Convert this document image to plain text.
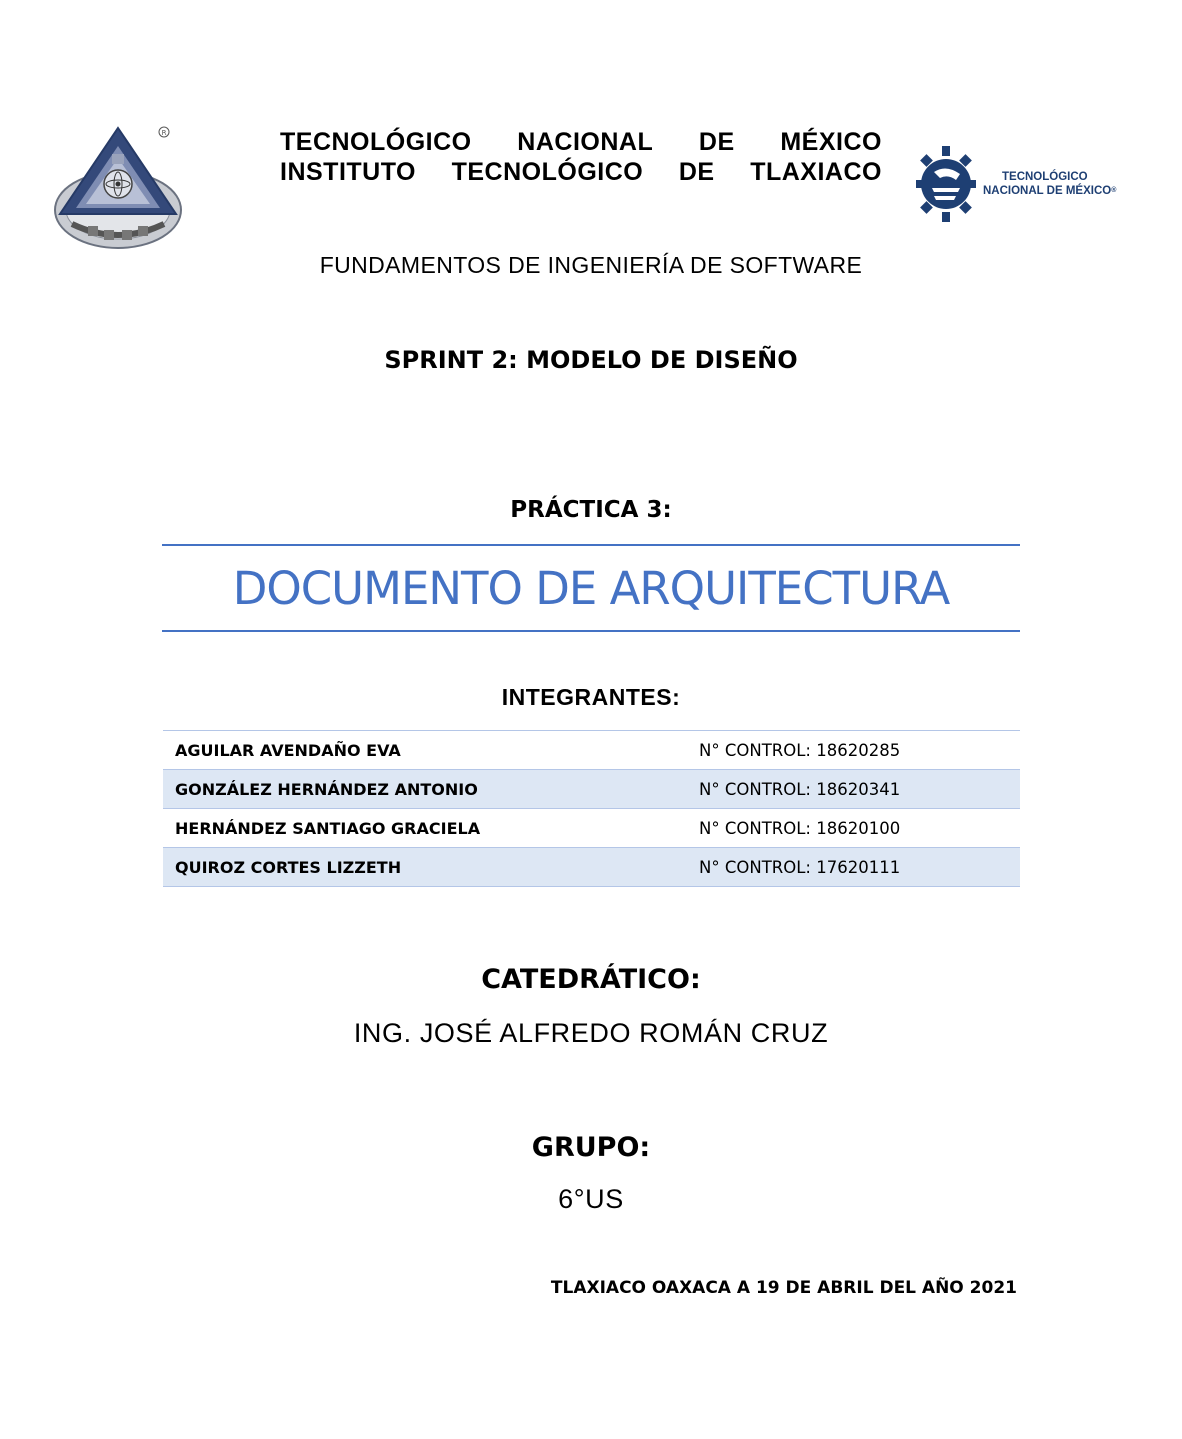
R
TECNOLÓGICO
NACIONAL DE MÉXICO®
TECNOLÓGICO NACIONAL DE MÉXICO
INSTITUTO TECNOLÓGICO DE TLAXIACO
FUNDAMENTOS DE INGENIERÍA DE SOFTWARE
SPRINT 2: MODELO DE DISEÑO
PRÁCTICA 3:
DOCUMENTO DE ARQUITECTURA
INTEGRANTES:
AGUILAR AVENDAÑO EVA	N° CONTROL: 18620285
GONZÁLEZ HERNÁNDEZ ANTONIO	N° CONTROL: 18620341
HERNÁNDEZ SANTIAGO GRACIELA	N° CONTROL: 18620100
QUIROZ CORTES LIZZETH	N° CONTROL: 17620111
CATEDRÁTICO:
ING. JOSÉ ALFREDO ROMÁN CRUZ
GRUPO:
6°US
TLAXIACO OAXACA A 19 DE ABRIL DEL AÑO 2021
